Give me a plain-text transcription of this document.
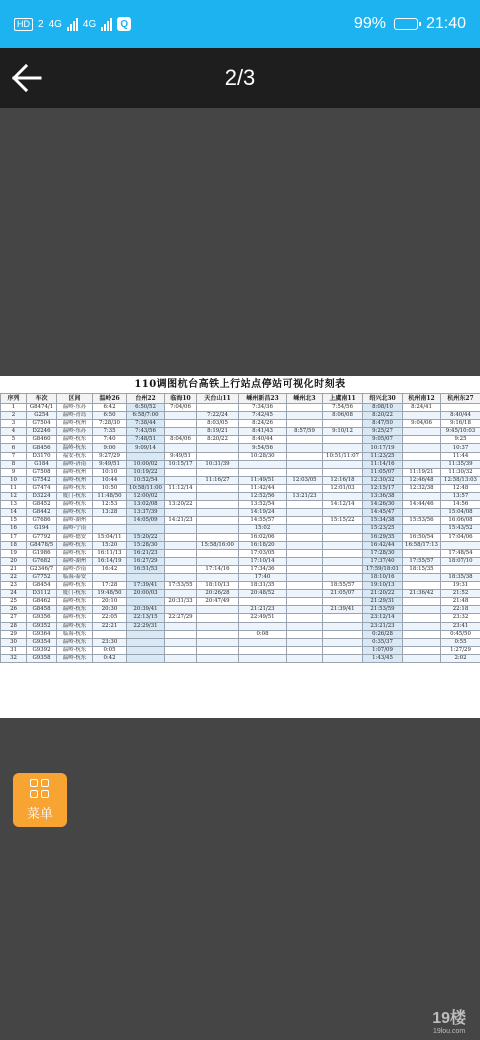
HD 2 4G 4G	Q	99%	21:40
2/3
110调图杭台高铁上行站点停站可视化时刻表
序列	车次	区间	温岭26	台州22	临海10	天台山11	嵊州新昌23	嵊州北3	上虞南11	绍兴北30	杭州南12	杭州东27
1	G8474/1	温岭-东苏	6:42	6:50/52	7:04/06		7:34/36		7:54/56	8:08/10	8:24/41	
2	G254	温岭-青岛	6:50	6:58/7:00		7:22/24	7:42/45		8:06/08	8:20/22		8:40/44
3	G7504	温岭-杭州	7:28/30	7:38/44		8:03/05	8:24/26			8:47/50	9:04/06	9:16/18
4	D2246	温岭-东苏	7:35	7:43/56		8:19/21	8:41/43	8:57/59	9:10/12	9:25/27		9:45/10:03
5	G8460	温岭-杭东	7:40	7:48/51	8:04/06	8:20/22	8:40/44			9:05/07		9:25
6	G8456	温岭-杭东	9:00	9:09/14			9:54/56			10:17/19		10:37
7	D3170	福安-杭东	9:27/29		9:49/51		10:28/30		10:51/11:07	11:23/25		11:44
8	G184	温岭-济南	9:49/51	10:00/02	10:15/17	10:31/39				11:14/16		11:35/39
9	G7508	温岭-杭州	10:10	10:19/22						11:05/07	11:19/21	11:30/32
10	G7542	温岭-杭州	10:44	10:52/54		11:16/27	11:49/51	12:03/05	12:16/18	12:30/32	12:46/48	12:58/13:03
11	G7474	温岭-杭东	10:50	10:58/11:00	11:12/14		11:42/44		12:01/03	12:15/17	12:32/38	12:48
12	D3224	厦门-杭东	11:48/50	12:00/02			12:52/56	13:21/23		13:36/38		13:57
13	G8452	温岭-杭东	12:53	13:02/08	13:20/22		13:52/54		14:12/14	14:26/30	14:44/46	14:56
14	G8442	温岭-杭东	13:28	13:37/39			14:19/24			14:45/47		15:04/08
15	G7686	温岭-湖州		14:05/09	14:21/23		14:55/57		15:15/22	15:34/38	15:53/56	16:06/08
16	G194	温岭-宁南					15:02			15:23/25		15:43/52
17	G7792	温岭-德安	15:04/11	15:20/22			16:02/06			16:29/35	16:50/54	17:04/06
18	G8478/5	温岭-杭东	15:20	15:28/30		15:58/16:00	16:18/20			16:42/44	16:58/17:13	
19	G1986	温岭-杭东	16:11/13	16:21/23			17:03/05			17:28/30		17:48/54
20	G7682	温岭-湖州	16:14/19	16:27/29			17:10/14			17:37/40	17:55/57	18:07/10
21	G2346/7	温岭-沙南	16:42	16:51/53		17:14/16	17:34/36			17:59/18:01	18:15/35	
22	G7752	临海-泰安					17:40			18:10/16		18:35/38
23	G8454	温岭-杭东	17:28	17:39/41	17:53/55	18:10/13	18:31/35		18:55/57	19:10/13		19:31
24	D3112	厦门-杭东	19:48/50	20:00/03		20:26/28	20:48/52		21:05/07	21:20/22	21:36/42	21:52
25	G8462	温岭-杭东	20:10		20:31/33	20:47/49				21:29/31		21:48
26	G8458	温岭-杭东	20:30	20:39/41			21:21/23		21:39/41	21:53/59		22:18
27	G9356	温岭-杭东	22:05	22:13/15	22:27/29		22:49/51			23:12/14		23:32
28	G9352	温岭-杭东	22:21	22:29/31						23:21/23		23:41
29	G9364	临海-杭东					0:08			0:26/28		0:45/50
30	G9354	温岭-杭东	23:30							0:35/37		0:55
31	G9392	温岭-杭东	0:05							1:07/09		1:27/29
32	G9358	温岭-杭东	0:42							1:43/45		2:02
菜单
19楼
19lou.com
